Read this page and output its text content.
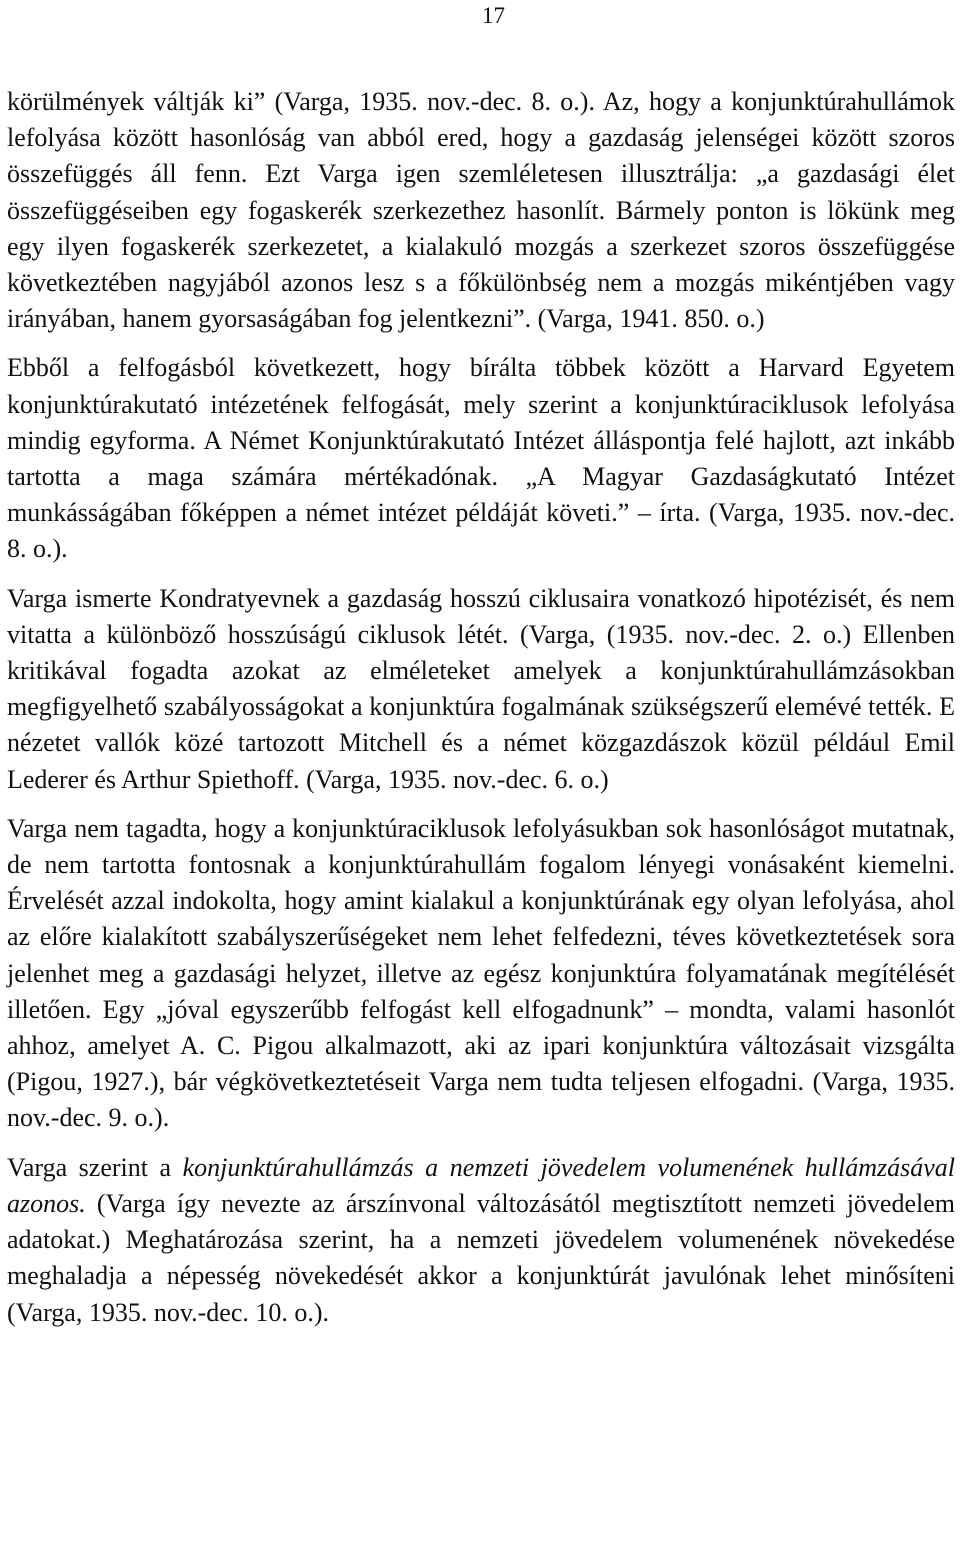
17

körülmények váltják ki” (Varga, 1935. nov.-dec. 8. o.). Az, hogy a konjunktúrahullámok lefolyása között hasonlóság van abból ered, hogy a gazdaság jelenségei között szoros összefüggés áll fenn. Ezt Varga igen szemléletesen illusztrálja: „a gazdasági élet összefüggéseiben egy fogaskerék szerkezethez hasonlít. Bármely ponton is lökünk meg egy ilyen fogaskerék szerkezetet, a kialakuló mozgás a szerkezet szoros összefüggése következtében nagyjából azonos lesz s a főkülönbség nem a mozgás mikéntjében vagy irányában, hanem gyorsaságában fog jelentkezni”. (Varga, 1941. 850. o.)

Ebből a felfogásból következett, hogy bírálta többek között a Harvard Egyetem konjunktúrakutató intézetének felfogását, mely szerint a konjunktúraciklusok lefolyása mindig egyforma. A Német Konjunktúrakutató Intézet álláspontja felé hajlott, azt inkább tartotta a maga számára mértékadónak. „A Magyar Gazdaságkutató Intézet munkásságában főképpen a német intézet példáját követi.” – írta. (Varga, 1935. nov.-dec. 8. o.).

Varga ismerte Kondratyevnek a gazdaság hosszú ciklusaira vonatkozó hipotézisét, és nem vitatta a különböző hosszúságú ciklusok létét. (Varga, (1935. nov.-dec. 2. o.) Ellenben kritikával fogadta azokat az elméleteket amelyek a konjunktúrahullámzásokban megfigyelhető szabályosságokat a konjunktúra fogalmának szükségszerű elemévé tették. E nézetet vallók közé tartozott Mitchell és a német közgazdászok közül például Emil Lederer és Arthur Spiethoff. (Varga, 1935. nov.-dec. 6. o.)

Varga nem tagadta, hogy a konjunktúraciklusok lefolyásukban sok hasonlóságot mutatnak, de nem tartotta fontosnak a konjunktúrahullám fogalom lényegi vonásaként kiemelni. Érvelését azzal indokolta, hogy amint kialakul a konjunktúrának egy olyan lefolyása, ahol az előre kialakított szabályszerűségeket nem lehet felfedezni, téves következtetések sora jelenhet meg a gazdasági helyzet, illetve az egész konjunktúra folyamatának megítélését illetően. Egy „jóval egyszerűbb felfogást kell elfogadnunk” – mondta, valami hasonlót ahhoz, amelyet A. C. Pigou alkalmazott, aki az ipari konjunktúra változásait vizsgálta (Pigou, 1927.), bár végkövetkeztetéseit Varga nem tudta teljesen elfogadni. (Varga, 1935. nov.-dec. 9. o.).

Varga szerint a konjunktúrahullámzás a nemzeti jövedelem volumenének hullámzásával azonos. (Varga így nevezte az árszínvonal változásától megtisztított nemzeti jövedelem adatokat.) Meghatározása szerint, ha a nemzeti jövedelem volumenének növekedése meghaladja a népesség növekedését akkor a konjunktúrát javulónak lehet minősíteni (Varga, 1935. nov.-dec. 10. o.).
